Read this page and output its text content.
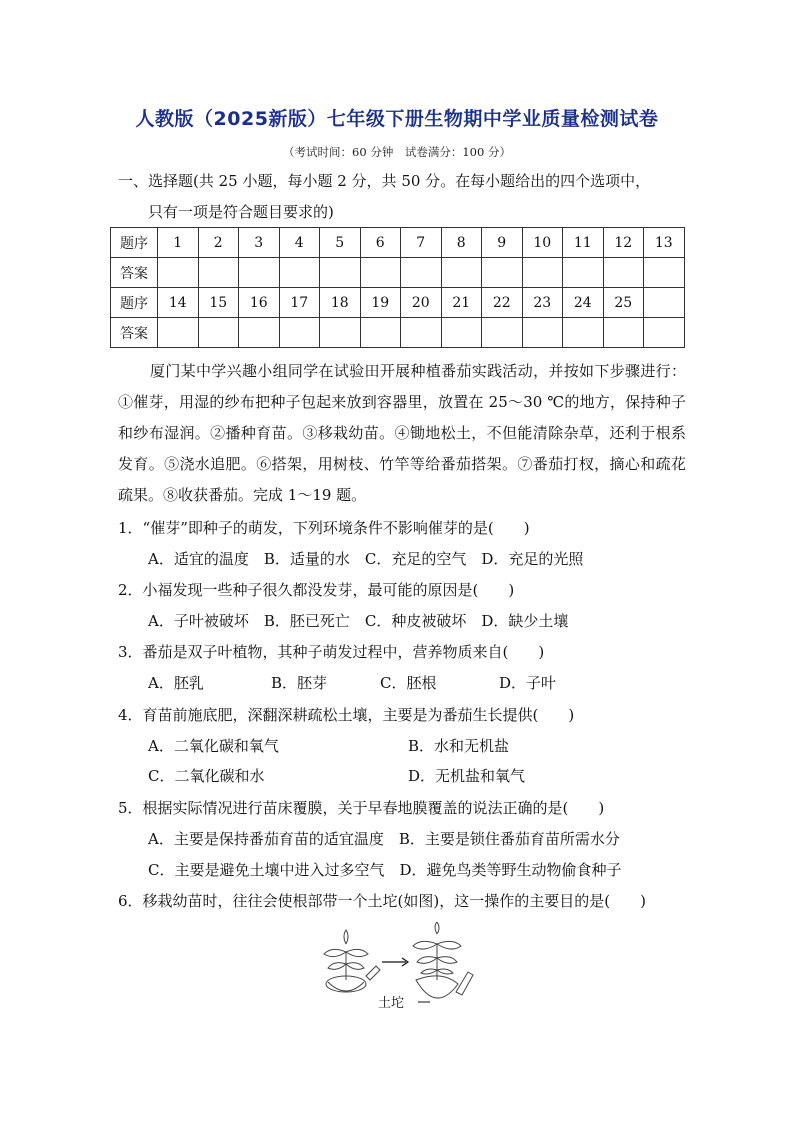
人教版（2025新版）七年级下册生物期中学业质量检测试卷
（考试时间：60 分钟　试卷满分：100 分）
一、选择题(共 25 小题，每小题 2 分，共 50 分。在每小题给出的四个选项中，
只有一项是符合题目要求的)
题序	1	2	3	4	5	6	7	8	9	10	11	12	13
答案													
题序	14	15	16	17	18	19	20	21	22	23	24	25	
答案													
厦门某中学兴趣小组同学在试验田开展种植番茄实践活动，并按如下步骤进行：①催芽，用湿的纱布把种子包起来放到容器里，放置在 25～30 ℃的地方，保持种子和纱布湿润。②播种育苗。③移栽幼苗。④锄地松土，不但能清除杂草，还利于根系发育。⑤浇水追肥。⑥搭架，用树枝、竹竿等给番茄搭架。⑦番茄打杈，摘心和疏花疏果。⑧收获番茄。完成 1～19 题。
1．“催芽”即种子的萌发，下列环境条件不影响催芽的是(　　)
A．适宜的温度　B．适量的水　C．充足的空气　D．充足的光照
2．小福发现一些种子很久都没发芽，最可能的原因是(　　)
A．子叶被破坏　B．胚已死亡　C．种皮被破坏　D．缺少土壤
3．番茄是双子叶植物，其种子萌发过程中，营养物质来自(　　)
A．胚乳	B．胚芽	C．胚根	D．子叶
4．育苗前施底肥，深翻深耕疏松土壤，主要是为番茄生长提供(　　)
A．二氧化碳和氧气	B．水和无机盐
C．二氧化碳和水	D．无机盐和氧气
5．根据实际情况进行苗床覆膜，关于早春地膜覆盖的说法正确的是(　　)
A．主要是保持番茄育苗的适宜温度　B．主要是锁住番茄育苗所需水分
C．主要是避免土壤中进入过多空气　D．避免鸟类等野生动物偷食种子
6．移栽幼苗时，往往会使根部带一个土坨(如图)，这一操作的主要目的是(　　)
土坨
